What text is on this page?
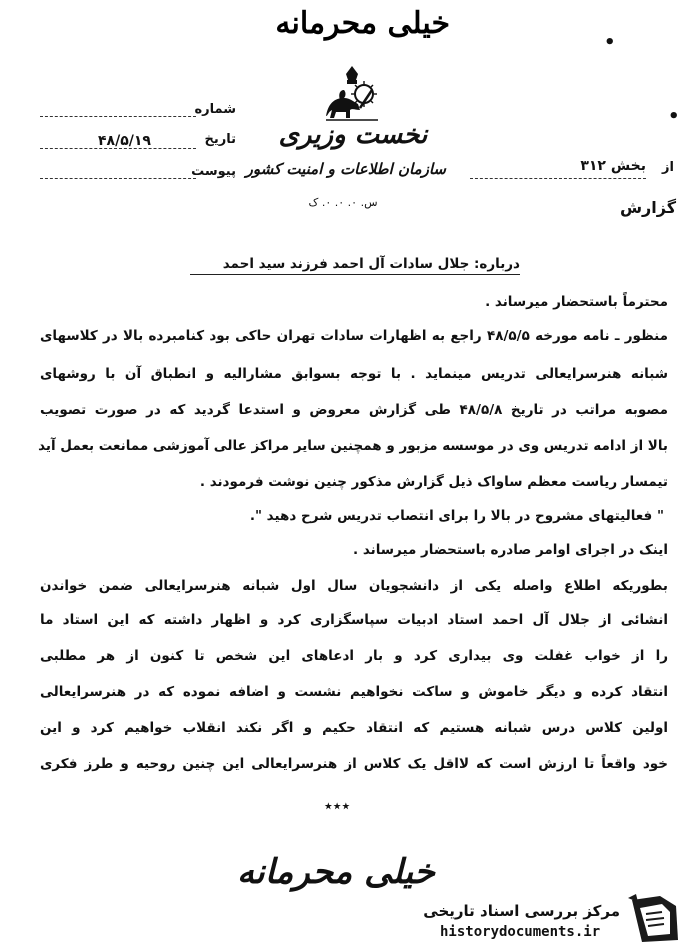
خیلی محرمانه
•
•
شماره
تاریخ
۴۸/۵/۱۹
پیوست
نخست وزیری
سازمان اطلاعات و امنیت کشور
س. ۰. ۰. ۰. ک
از
بخش ۳۱۲
گزارش
درباره: جلال سادات آل احمد فرزند سید احمد
محترماً باستحضار میرساند .
منظور ـ نامه مورخه ۴۸/۵/۵ راجع به اظهارات سادات تهران حاکی بود کنامبرده بالا در کلاسهای
شبانه هنرسرایعالی تدریس مینماید . با توجه بسوابق مشارالیه و انطباق آن با روشهای
مصوبه مراتب در تاریخ ۴۸/۵/۸ طی گزارش معروض و استدعا گردید که در صورت تصویب
بالا از ادامه تدریس وی در موسسه مزبور و همچنین سایر مراکز عالی آموزشی ممانعت بعمل آید
تیمسار ریاست معظم ساواک ذیل گزارش مذکور چنین نوشت فرمودند .
" فعالیتهای مشروح در بالا را برای انتصاب تدریس شرح دهید ".
اینک در اجرای اوامر صادره باستحضار میرساند .
بطوریکه اطلاع واصله یکی از دانشجویان سال اول شبانه هنرسرایعالی ضمن خواندن
انشائی از جلال آل احمد استاد ادبیات سپاسگزاری کرد و اظهار داشته که این استاد ما
را از خواب غفلت وی بیداری کرد و بار ادعاهای این شخص تا کنون از هر مطلبی
انتقاد کرده و دیگر خاموش و ساکت نخواهیم نشست و اضافه نموده که در هنرسرایعالی
اولین کلاس درس شبانه هستیم که انتقاد حکیم و اگر نکند انقلاب خواهیم کرد و این
خود واقعاً تا ارزش است که لااقل یک کلاس از هنرسرایعالی این چنین روحیه و طرز فکری
٭٭٭
خیلی محرمانه
مرکز بررسی اسناد تاریخی
historydocuments.ir
